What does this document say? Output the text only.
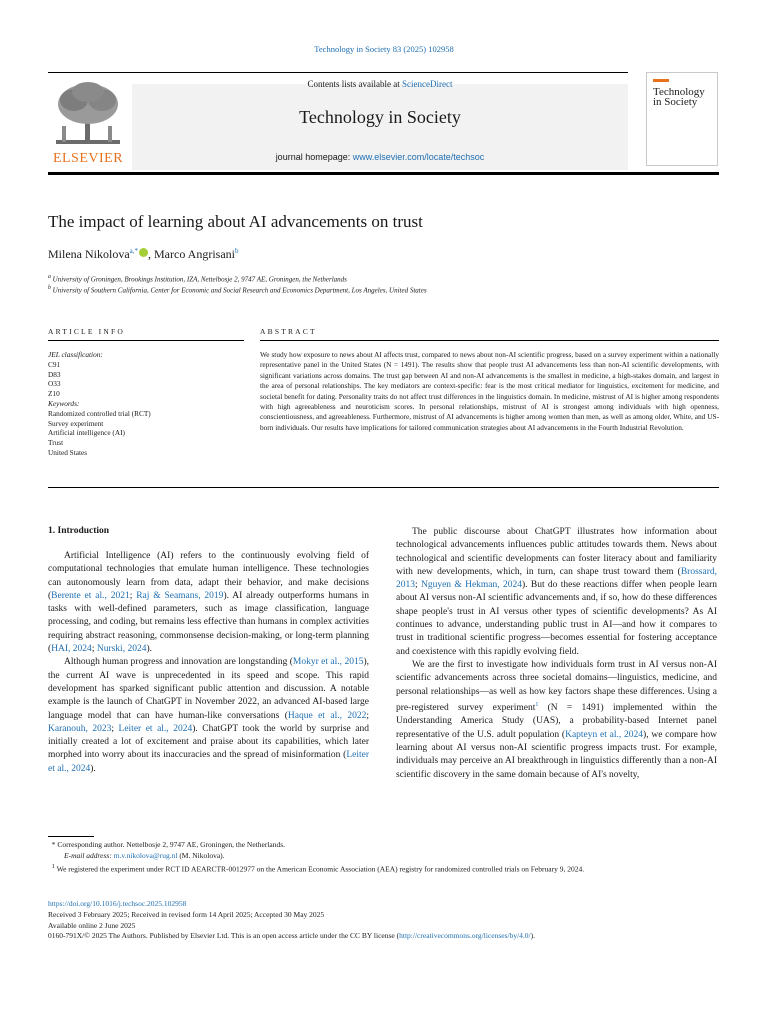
Technology in Society 83 (2025) 102958
ELSEVIER
Contents lists available at ScienceDirect
Technology in Society
journal homepage: www.elsevier.com/locate/techsoc
Technology in Society
The impact of learning about AI advancements on trust
Milena Nikolova$^{a,*}$ , Marco Angrisani$^b$
$^a$ University of Groningen, Brookings Institution, IZA, Nettelbosje 2, 9747 AE, Groningen, the Netherlands
$^b$ University of Southern California, Center for Economic and Social Research and Economics Department, Los Angeles, United States
ARTICLE INFO	ABSTRACT
JEL classification:
C91
D83
O33
Z10
Keywords:
Randomized controlled trial (RCT)
Survey experiment
Artificial intelligence (AI)
Trust
United States
We study how exposure to news about AI affects trust, compared to news about non-AI scientific progress, based on a survey experiment within a nationally representative panel in the United States (N = 1491). The results show that people trust AI advancements less than non-AI scientific developments, with significant variations across domains. The trust gap between AI and non-AI advancements is the smallest in medicine, a high-stakes domain, and largest in the area of personal relationships. The key mediators are context-specific: fear is the most critical mediator for linguistics, excitement for medicine, and societal benefit for dating. Personality traits do not affect trust differences in the linguistics domain. In medicine, mistrust of AI is higher among respondents with high agreeableness and neuroticism scores. In personal relationships, mistrust of AI is strongest among individuals with high openness, conscientiousness, and agreeableness. Furthermore, mistrust of AI advancements is higher among women than men, as well as among older, White, and US-born individuals. Our results have implications for tailored communication strategies about AI advancements in the Fourth Industrial Revolution.
1. Introduction

Artificial Intelligence (AI) refers to the continuously evolving field of computational technologies that emulate human intelligence. These technologies can autonomously learn from data, adapt their behavior, and make decisions (Berente et al., 2021; Raj & Seamans, 2019). AI already outperforms humans in tasks with well-defined parameters, such as image classification, language processing, and coding, but remains less effective than humans in complex activities requiring abstract reasoning, commonsense decision-making, or long-term planning (HAI, 2024; Nurski, 2024).

Although human progress and innovation are longstanding (Mokyr et al., 2015), the current AI wave is unprecedented in its speed and scope. This rapid development has sparked significant public attention and discussion. A notable example is the launch of ChatGPT in November 2022, an advanced AI-based large language model that can have human-like conversations (Haque et al., 2022; Karanouh, 2023; Leiter et al., 2024). ChatGPT took the world by surprise and initially created a lot of excitement and praise about its capabilities, which later morphed into worry about its inaccuracies and the spread of misinformation (Leiter et al., 2024).

The public discourse about ChatGPT illustrates how information about technological advancements influences public attitudes towards them. News about technological and scientific developments can foster literacy about and familiarity with new developments, which, in turn, can shape trust toward them (Brossard, 2013; Nguyen & Hekman, 2024). But do these reactions differ when people learn about AI versus non-AI scientific advancements and, if so, how do these differences shape people's trust in AI versus other types of scientific developments? As AI continues to advance, understanding public trust in AI—and how it compares to trust in traditional scientific progress—becomes essential for fostering acceptance and coexistence with this rapidly evolving field.

We are the first to investigate how individuals form trust in AI versus non-AI scientific advancements across three societal domains—linguistics, medicine, and personal relationships—as well as how key factors shape these differences. Using a pre-registered survey experiment$^1$ (N = 1491) implemented within the Understanding America Study (UAS), a probability-based Internet panel representative of the U.S. adult population (Kapteyn et al., 2024), we compare how learning about AI versus non-AI scientific progress impacts trust. For example, individuals may perceive an AI breakthrough in linguistics differently than a non-AI scientific discovery in the same domain because of AI's novelty,

* Corresponding author. Nettelbosje 2, 9747 AE, Groningen, the Netherlands.
E-mail address: m.v.nikolova@rug.nl (M. Nikolova).
$^1$ We registered the experiment under RCT ID AEARCTR-0012977 on the American Economic Association (AEA) registry for randomized controlled trials on February 9, 2024.
https://doi.org/10.1016/j.techsoc.2025.102958
Received 3 February 2025; Received in revised form 14 April 2025; Accepted 30 May 2025
Available online 2 June 2025
0160-791X/© 2025 The Authors. Published by Elsevier Ltd. This is an open access article under the CC BY license (http://creativecommons.org/licenses/by/4.0/).
